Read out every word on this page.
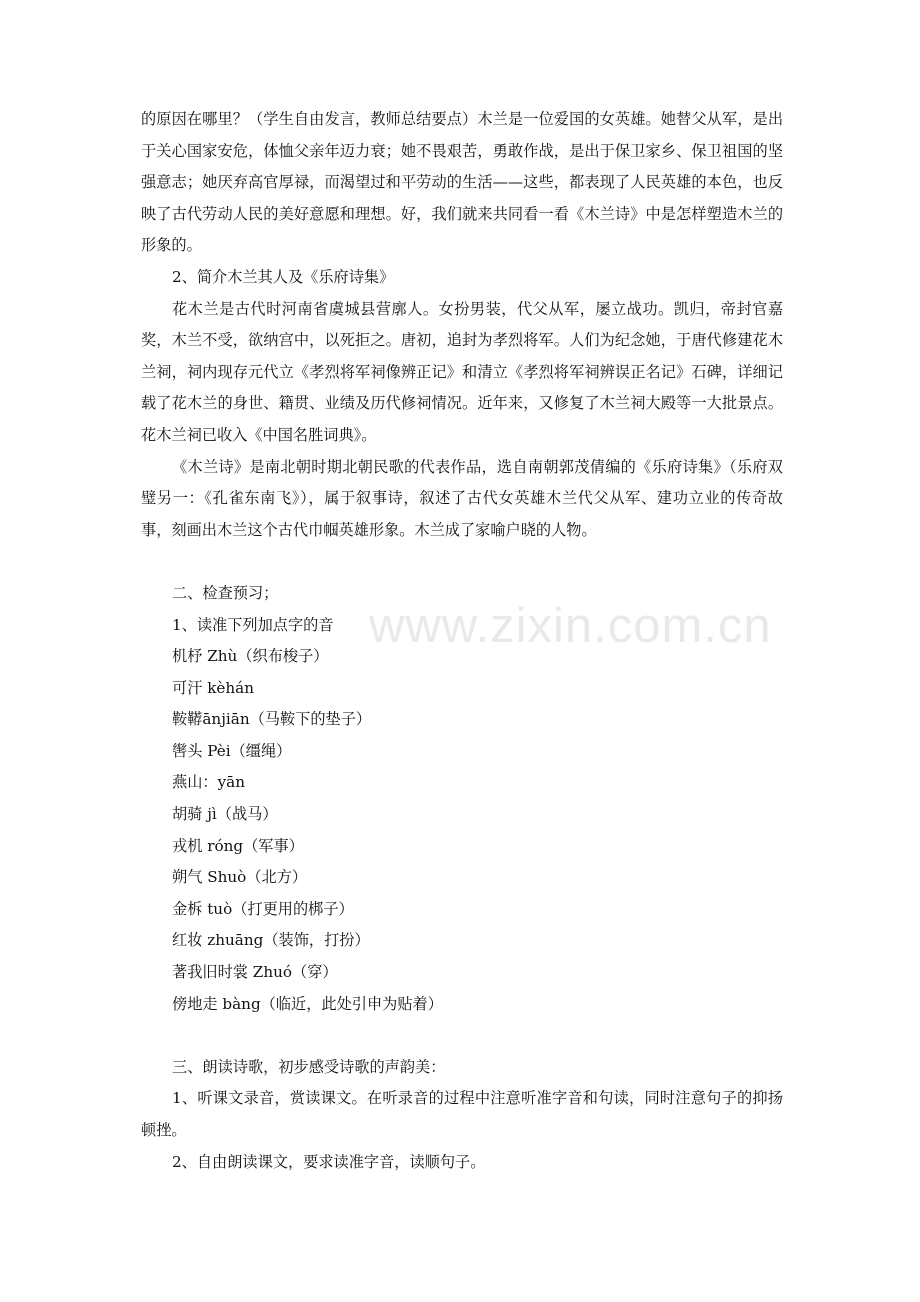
www.zixin.com.cn

的原因在哪里？（学生自由发言，教师总结要点）木兰是一位爱国的女英雄。她替父从军，是出于关心国家安危，体恤父亲年迈力衰；她不畏艰苦，勇敢作战，是出于保卫家乡、保卫祖国的坚强意志；她厌弃高官厚禄，而渴望过和平劳动的生活——这些，都表现了人民英雄的本色，也反映了古代劳动人民的美好意愿和理想。好，我们就来共同看一看《木兰诗》中是怎样塑造木兰的形象的。

2、简介木兰其人及《乐府诗集》

花木兰是古代时河南省虞城县营廓人。女扮男装，代父从军，屡立战功。凯归，帝封官嘉奖，木兰不受，欲纳宫中，以死拒之。唐初，追封为孝烈将军。人们为纪念她，于唐代修建花木兰祠，祠内现存元代立《孝烈将军祠像辨正记》和清立《孝烈将军祠辨误正名记》石碑，详细记载了花木兰的身世、籍贯、业绩及历代修祠情况。近年来，又修复了木兰祠大殿等一大批景点。花木兰祠已收入《中国名胜词典》。

《木兰诗》是南北朝时期北朝民歌的代表作品，选自南朝郭茂倩编的《乐府诗集》（乐府双璧另一：《孔雀东南飞》），属于叙事诗，叙述了古代女英雄木兰代父从军、建功立业的传奇故事，刻画出木兰这个古代巾帼英雄形象。木兰成了家喻户晓的人物。

二、检查预习；

1、读准下列加点字的音

机杼 Zhù（织布梭子）

可汗 kèhán

鞍鞯ānjiān（马鞍下的垫子）

辔头 Pèi（缰绳）

燕山：yān

胡骑 jì（战马）

戎机 róng（军事）

朔气 Shuò（北方）

金柝 tuò（打更用的梆子）

红妆 zhuāng（装饰，打扮）

著我旧时裳 Zhuó（穿）

傍地走 bàng（临近，此处引申为贴着）

三、朗读诗歌，初步感受诗歌的声韵美：

1、听课文录音，赏读课文。在听录音的过程中注意听准字音和句读，同时注意句子的抑扬顿挫。

2、自由朗读课文，要求读准字音，读顺句子。
